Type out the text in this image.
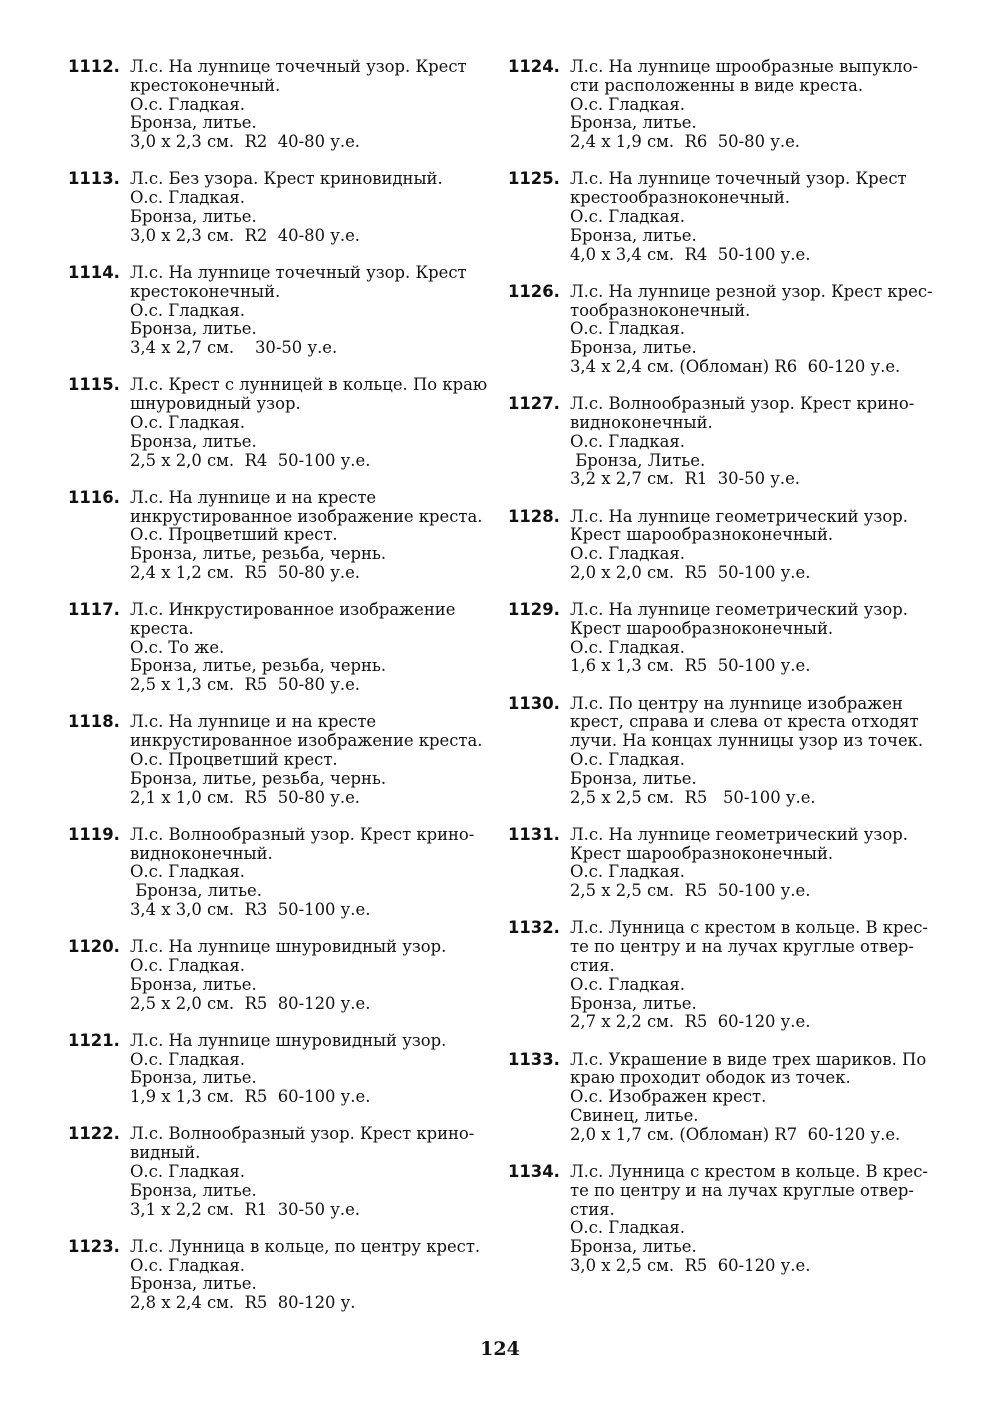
1112. Л.с. На лунnице точечный узор. Крест
крестоконечный.
О.с. Гладкая.
Бронза, литье.
3,0 х 2,3 см.  R2  40-80 у.е.
1113. Л.с. Без узора. Крест криновидный.
О.с. Гладкая.
Бронза, литье.
3,0 х 2,3 см.  R2  40-80 у.е.
1114. Л.с. На лунnице точечный узор. Крест
крестоконечный.
О.с. Гладкая.
Бронза, литье.
3,4 х 2,7 см.    30-50 у.е.
1115. Л.с. Крест с лунницей в кольце. По краю
шнуровидный узор.
О.с. Гладкая.
Бронза, литье.
2,5 х 2,0 см.  R4  50-100 у.е.
1116. Л.с. На лунnице и на кресте
инкрустированное изображение креста.
О.с. Процветший крест.
Бронза, литье, резьба, чернь.
2,4 х 1,2 см.  R5  50-80 у.е.
1117. Л.с. Инкрустированное изображение
креста.
О.с. То же.
Бронза, литье, резьба, чернь.
2,5 х 1,3 см.  R5  50-80 у.е.
1118. Л.с. На лунnице и на кресте
инкрустированное изображение креста.
О.с. Процветший крест.
Бронза, литье, резьба, чернь.
2,1 х 1,0 см.  R5  50-80 у.е.
1119. Л.с. Волнообразный узор. Крест крино-
видноконечный.
О.с. Гладкая.
Бронза, литье.
3,4 х 3,0 см.  R3  50-100 у.е.
1120. Л.с. На лунnице шнуровидный узор.
О.с. Гладкая.
Бронза, литье.
2,5 х 2,0 см.  R5  80-120 у.е.
1121. Л.с. На лунnице шнуровидный узор.
О.с. Гладкая.
Бронза, литье.
1,9 х 1,3 см.  R5  60-100 у.е.
1122. Л.с. Волнообразный узор. Крест крино-
видный.
О.с. Гладкая.
Бронза, литье.
3,1 х 2,2 см.  R1  30-50 у.е.
1123. Л.с. Лунница в кольце, по центру крест.
О.с. Гладкая.
Бронза, литье.
2,8 х 2,4 см.  R5  80-120 у.
1124. Л.с. На лунnице шрообразные выпукло-
сти расположенны в виде креста.
О.с. Гладкая.
Бронза, литье.
2,4 х 1,9 см.  R6  50-80 у.е.
1125. Л.с. На лунnице точечный узор. Крест
крестообразноконечный.
О.с. Гладкая.
Бронза, литье.
4,0 х 3,4 см.  R4  50-100 у.е.
1126. Л.с. На лунnице резной узор. Крест крес-
тообразноконечный.
О.с. Гладкая.
Бронза, литье.
3,4 х 2,4 см. (Обломан) R6  60-120 у.е.
1127. Л.с. Волнообразный узор. Крест крино-
видноконечный.
О.с. Гладкая.
Бронза, Литье.
3,2 х 2,7 см.  R1  30-50 у.е.
1128. Л.с. На лунnице геометрический узор.
Крест шарообразноконечный.
О.с. Гладкая.
2,0 х 2,0 см.  R5  50-100 у.е.
1129. Л.с. На лунnице геометрический узор.
Крест шарообразноконечный.
О.с. Гладкая.
1,6 х 1,3 см.  R5  50-100 у.е.
1130. Л.с. По центру на лунnице изображен
крест, справа и слева от креста отходят
лучи. На концах лунницы узор из точек.
О.с. Гладкая.
Бронза, литье.
2,5 х 2,5 см.  R5   50-100 у.е.
1131. Л.с. На лунnице геометрический узор.
Крест шарообразноконечный.
О.с. Гладкая.
2,5 х 2,5 см.  R5  50-100 у.е.
1132. Л.с. Лунница с крестом в кольце. В крес-
те по центру и на лучах круглые отвер-
стия.
О.с. Гладкая.
Бронза, литье.
2,7 х 2,2 см.  R5  60-120 у.е.
1133. Л.с. Украшение в виде трех шариков. По
краю проходит ободок из точек.
О.с. Изображен крест.
Свинец, литье.
2,0 х 1,7 см. (Обломан) R7  60-120 у.е.
1134. Л.с. Лунница с крестом в кольце. В крес-
те по центру и на лучах круглые отвер-
стия.
О.с. Гладкая.
Бронза, литье.
3,0 х 2,5 см.  R5  60-120 у.е.
124
